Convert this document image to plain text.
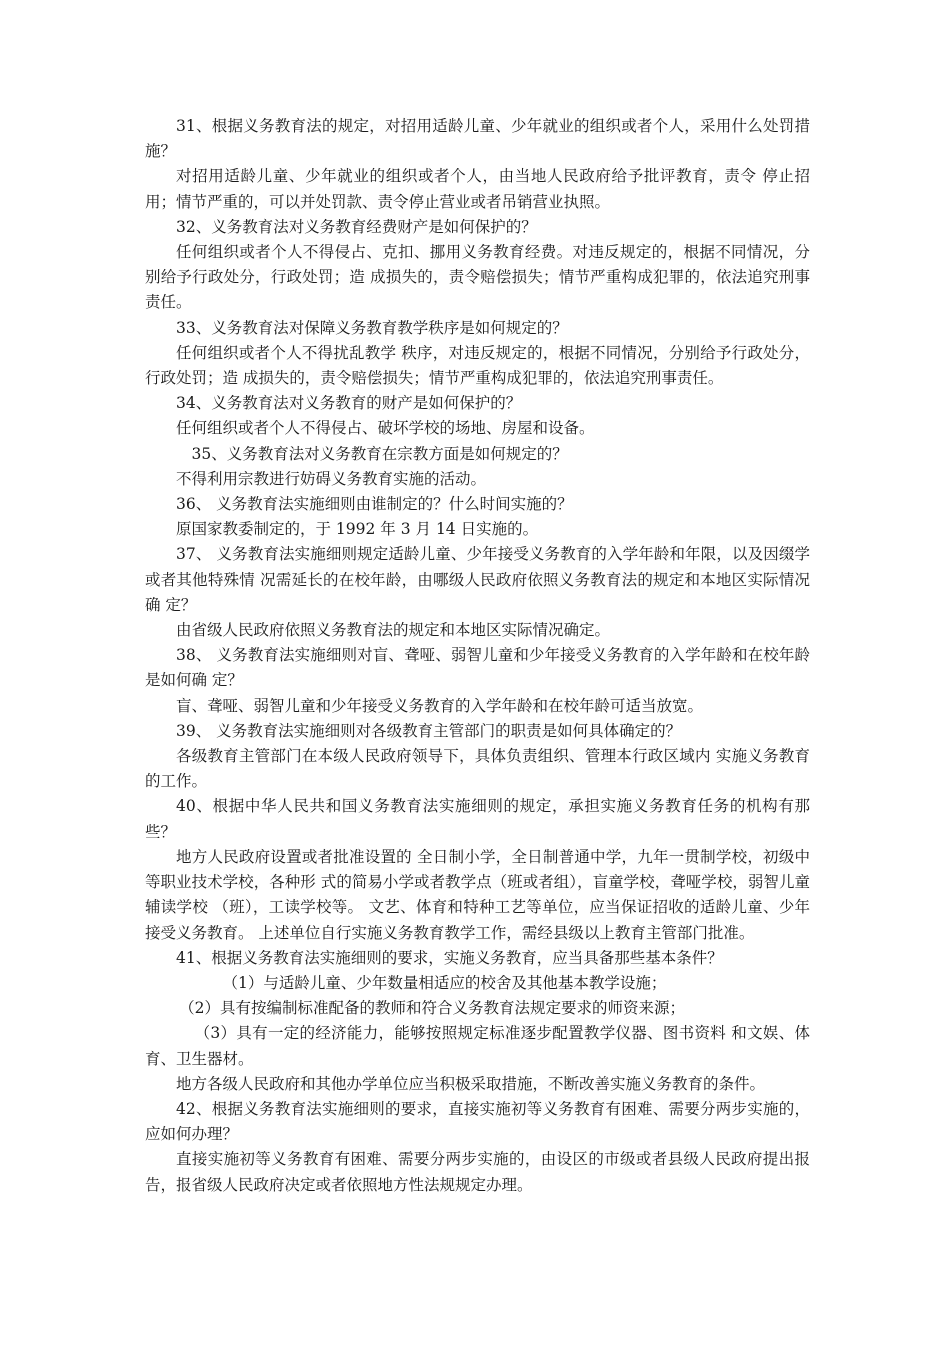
31、根据义务教育法的规定，对招用适龄儿童、少年就业的组织或者个人，采用什么处罚措施？

对招用适龄儿童、少年就业的组织或者个人，由当地人民政府给予批评教育，责令 停止招用；情节严重的，可以并处罚款、责令停止营业或者吊销营业执照。

32、义务教育法对义务教育经费财产是如何保护的？

任何组织或者个人不得侵占、克扣、挪用义务教育经费。对违反规定的，根据不同情况，分别给予行政处分，行政处罚；造 成损失的，责令赔偿损失；情节严重构成犯罪的，依法追究刑事责任。

33、义务教育法对保障义务教育教学秩序是如何规定的？

任何组织或者个人不得扰乱教学 秩序，对违反规定的，根据不同情况，分别给予行政处分，行政处罚；造 成损失的，责令赔偿损失；情节严重构成犯罪的，依法追究刑事责任。

34、义务教育法对义务教育的财产是如何保护的？

任何组织或者个人不得侵占、破坏学校的场地、房屋和设备。

35、义务教育法对义务教育在宗教方面是如何规定的？

不得利用宗教进行妨碍义务教育实施的活动。

36、 义务教育法实施细则由谁制定的？什么时间实施的？

原国家教委制定的，于 1992 年 3 月 14 日实施的。

37、 义务教育法实施细则规定适龄儿童、少年接受义务教育的入学年龄和年限，以及因缀学或者其他特殊情 况需延长的在校年龄，由哪级人民政府依照义务教育法的规定和本地区实际情况确 定？

由省级人民政府依照义务教育法的规定和本地区实际情况确定。

38、 义务教育法实施细则对盲、聋哑、弱智儿童和少年接受义务教育的入学年龄和在校年龄是如何确 定？

盲、聋哑、弱智儿童和少年接受义务教育的入学年龄和在校年龄可适当放宽。

39、 义务教育法实施细则对各级教育主管部门的职责是如何具体确定的？

各级教育主管部门在本级人民政府领导下，具体负责组织、管理本行政区域内 实施义务教育的工作。

40、根据中华人民共和国义务教育法实施细则的规定，承担实施义务教育任务的机构有那些？

地方人民政府设置或者批准设置的 全日制小学，全日制普通中学，九年一贯制学校，初级中等职业技术学校，各种形 式的简易小学或者教学点（班或者组），盲童学校，聋哑学校，弱智儿童辅读学校 （班），工读学校等。 文艺、体育和特种工艺等单位，应当保证招收的适龄儿童、少年接受义务教育。 上述单位自行实施义务教育教学工作，需经县级以上教育主管部门批准。

41、根据义务教育法实施细则的要求，实施义务教育，应当具备那些基本条件？

（1）与适龄儿童、少年数量相适应的校舍及其他基本教学设施；

（2）具有按编制标准配备的教师和符合义务教育法规定要求的师资来源；

（3）具有一定的经济能力，能够按照规定标准逐步配置教学仪器、图书资料 和文娱、体育、卫生器材。

地方各级人民政府和其他办学单位应当积极采取措施，不断改善实施义务教育的条件。

42、根据义务教育法实施细则的要求，直接实施初等义务教育有困难、需要分两步实施的，应如何办理？

直接实施初等义务教育有困难、需要分两步实施的，由设区的市级或者县级人民政府提出报告，报省级人民政府决定或者依照地方性法规规定办理。
